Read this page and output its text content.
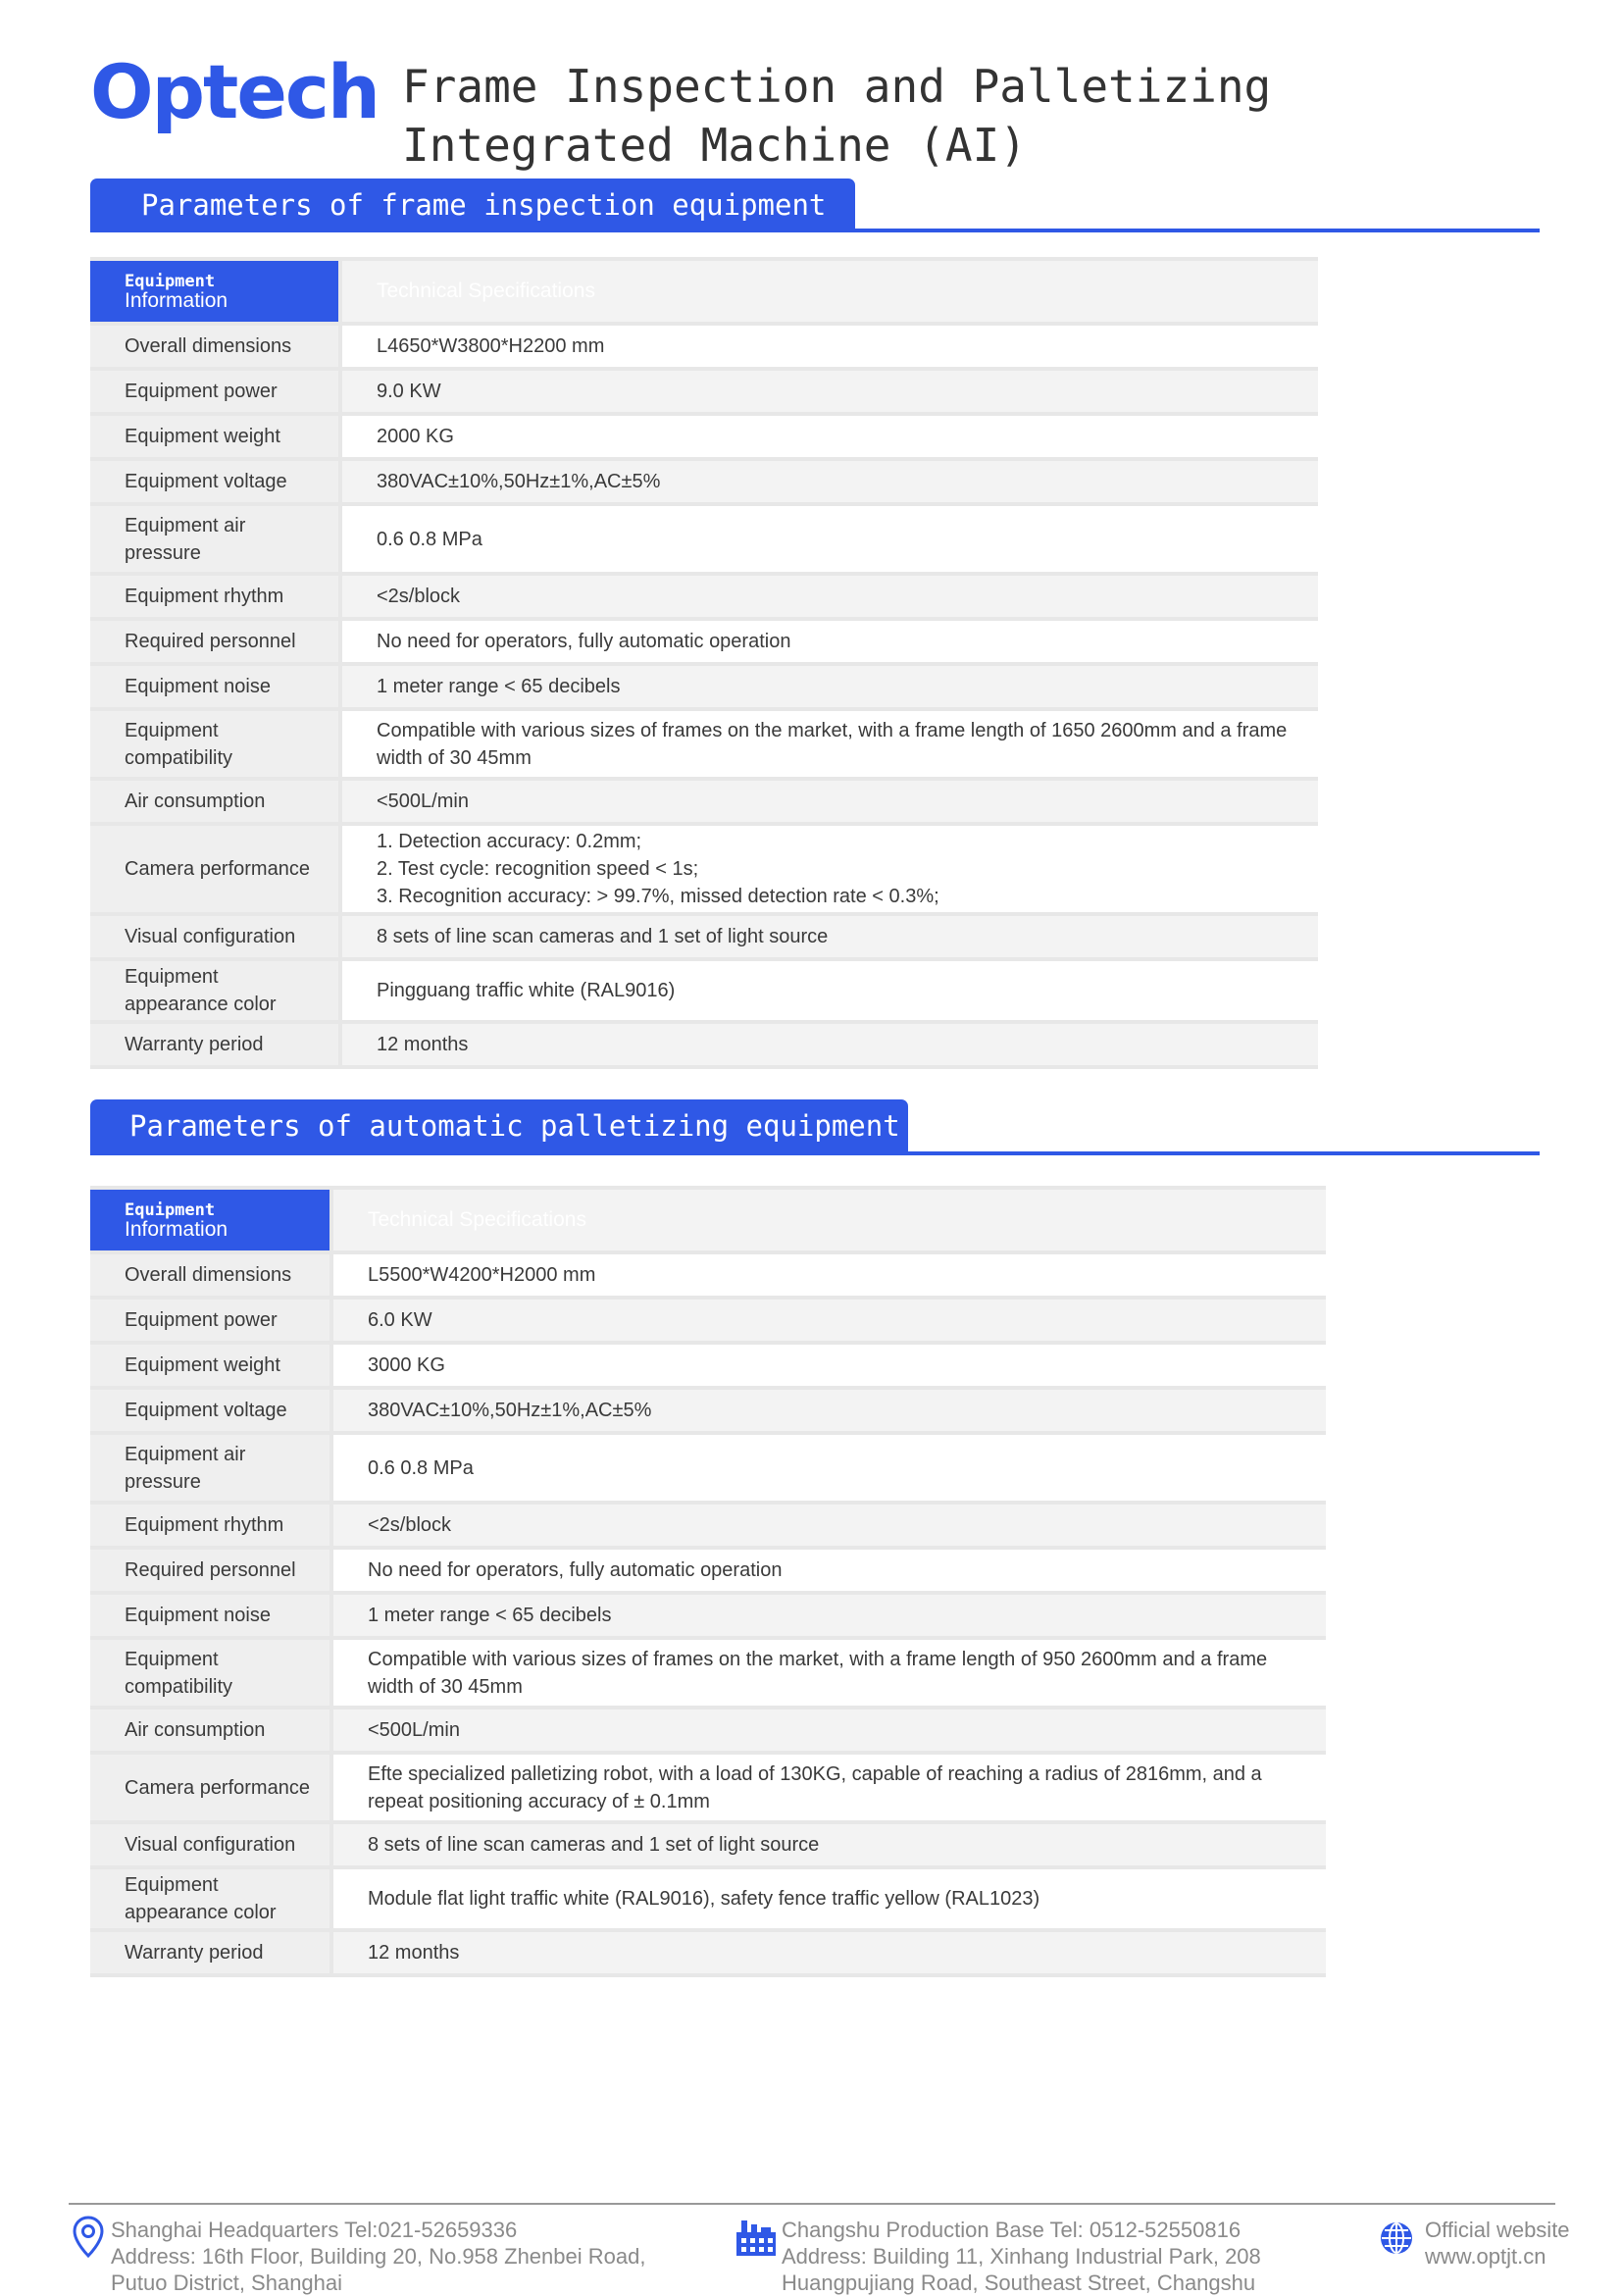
Optech Frame Inspection and Palletizing Integrated Machine (AI)
Parameters of frame inspection equipment
Equipment
Information	Technical Specifications
Overall dimensions	L4650*W3800*H2200 mm
Equipment power	9.0 KW
Equipment weight	2000 KG
Equipment voltage	380VAC±10%,50Hz±1%,AC±5%
Equipment air pressure	0.6 0.8 MPa
Equipment rhythm	<2s/block
Required personnel	No need for operators, fully automatic operation
Equipment noise	1 meter range < 65 decibels
Equipment compatibility	Compatible with various sizes of frames on the market, with a frame length of 1650 2600mm and a frame width of 30 45mm
Air consumption	<500L/min
Camera performance	1. Detection accuracy: 0.2mm;
2. Test cycle: recognition speed < 1s;
3. Recognition accuracy: > 99.7%, missed detection rate < 0.3%;

Visual configuration	8 sets of line scan cameras and 1 set of light source
Equipment appearance color	Pingguang traffic white (RAL9016)
Warranty period	12 months
Parameters of automatic palletizing equipment
Equipment
Information	Technical Specifications
Overall dimensions	L5500*W4200*H2000 mm
Equipment power	6.0 KW
Equipment weight	3000 KG
Equipment voltage	380VAC±10%,50Hz±1%,AC±5%
Equipment air pressure	0.6 0.8 MPa
Equipment rhythm	<2s/block
Required personnel	No need for operators, fully automatic operation
Equipment noise	1 meter range < 65 decibels
Equipment compatibility	Compatible with various sizes of frames on the market, with a frame length of 950 2600mm and a frame width of 30 45mm
Air consumption	<500L/min
Camera performance	Efte specialized palletizing robot, with a load of 130KG, capable of reaching a radius of 2816mm, and a repeat positioning accuracy of ± 0.1mm
Visual configuration	8 sets of line scan cameras and 1 set of light source
Equipment appearance color	Module flat light traffic white (RAL9016), safety fence traffic yellow (RAL1023)
Warranty period	12 months
Shanghai Headquarters Tel:021-52659336
Address: 16th Floor, Building 20, No.958 Zhenbei Road,
Putuo District, Shanghai
Changshu Production Base Tel: 0512-52550816
Address: Building 11, Xinhang Industrial Park, 208
Huangpujiang Road, Southeast Street, Changshu
Official website
www.optjt.cn
